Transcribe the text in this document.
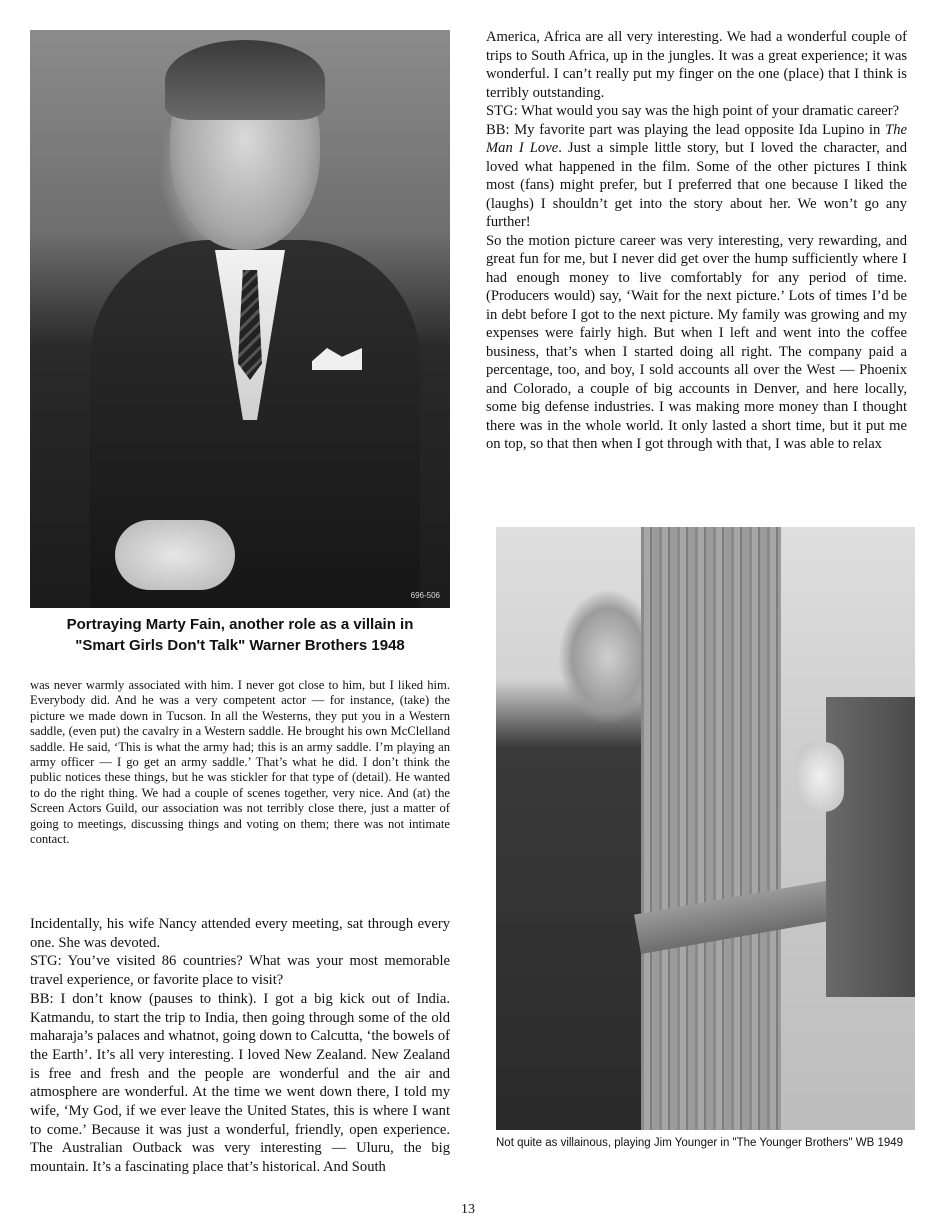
696-506
Portraying Marty Fain, another role as a villain in
"Smart Girls Don't Talk" Warner Brothers 1948

America, Africa are all very interesting. We had a wonderful couple of trips to South Africa, up in the jungles. It was a great experience; it was wonderful. I can’t really put my finger on the one (place) that I think is terribly outstanding.

STG: What would you say was the high point of your dramatic career?

BB: My favorite part was playing the lead opposite Ida Lupino in The Man I Love. Just a simple little story, but I loved the character, and loved what happened in the film. Some of the other pictures I think most (fans) might prefer, but I preferred that one because I liked the (laughs) I shouldn’t get into the story about her. We won’t go any further!

So the motion picture career was very interesting, very rewarding, and great fun for me, but I never did get over the hump sufficiently where I had enough money to live comfortably for any period of time. (Producers would) say, ‘Wait for the next picture.’ Lots of times I’d be in debt before I got to the next picture. My family was growing and my expenses were fairly high. But when I left and went into the coffee business, that’s when I started doing all right. The company paid a percentage, too, and boy, I sold accounts all over the West — Phoenix and Colorado, a couple of big accounts in Denver, and here locally, some big defense industries. I was making more money than I thought there was in the whole world. It only lasted a short time, but it put me on top, so that then when I got through with that, I was able to relax

Not quite as villainous, playing Jim Younger in "The Younger Brothers" WB 1949

was never warmly associated with him. I never got close to him, but I liked him. Everybody did. And he was a very competent actor — for instance, (take) the picture we made down in Tucson. In all the Westerns, they put you in a Western saddle, (even put) the cavalry in a Western saddle. He brought his own McClelland saddle. He said, ‘This is what the army had; this is an army saddle. I’m playing an army officer — I go get an army saddle.’ That’s what he did. I don’t think the public notices these things, but he was stickler for that type of (detail). He wanted to do the right thing. We had a couple of scenes together, very nice. And (at) the Screen Actors Guild, our association was not terribly close there, just a matter of going to meetings, discussing things and voting on them; there was not intimate contact.

Incidentally, his wife Nancy attended every meeting, sat through every one. She was devoted.

STG: You’ve visited 86 countries? What was your most memorable travel experience, or favorite place to visit?

BB: I don’t know (pauses to think). I got a big kick out of India. Katmandu, to start the trip to India, then going through some of the old maharaja’s palaces and whatnot, going down to Calcutta, ‘the bowels of the Earth’. It’s all very interesting. I loved New Zealand. New Zealand is free and fresh and the people are wonderful and the air and atmosphere are wonderful. At the time we went down there, I told my wife, ‘My God, if we ever leave the United States, this is where I want to come.’ Because it was just a wonderful, friendly, open experience. The Australian Outback was very interesting — Uluru, the big mountain. It’s a fascinating place that’s historical. And South

13
